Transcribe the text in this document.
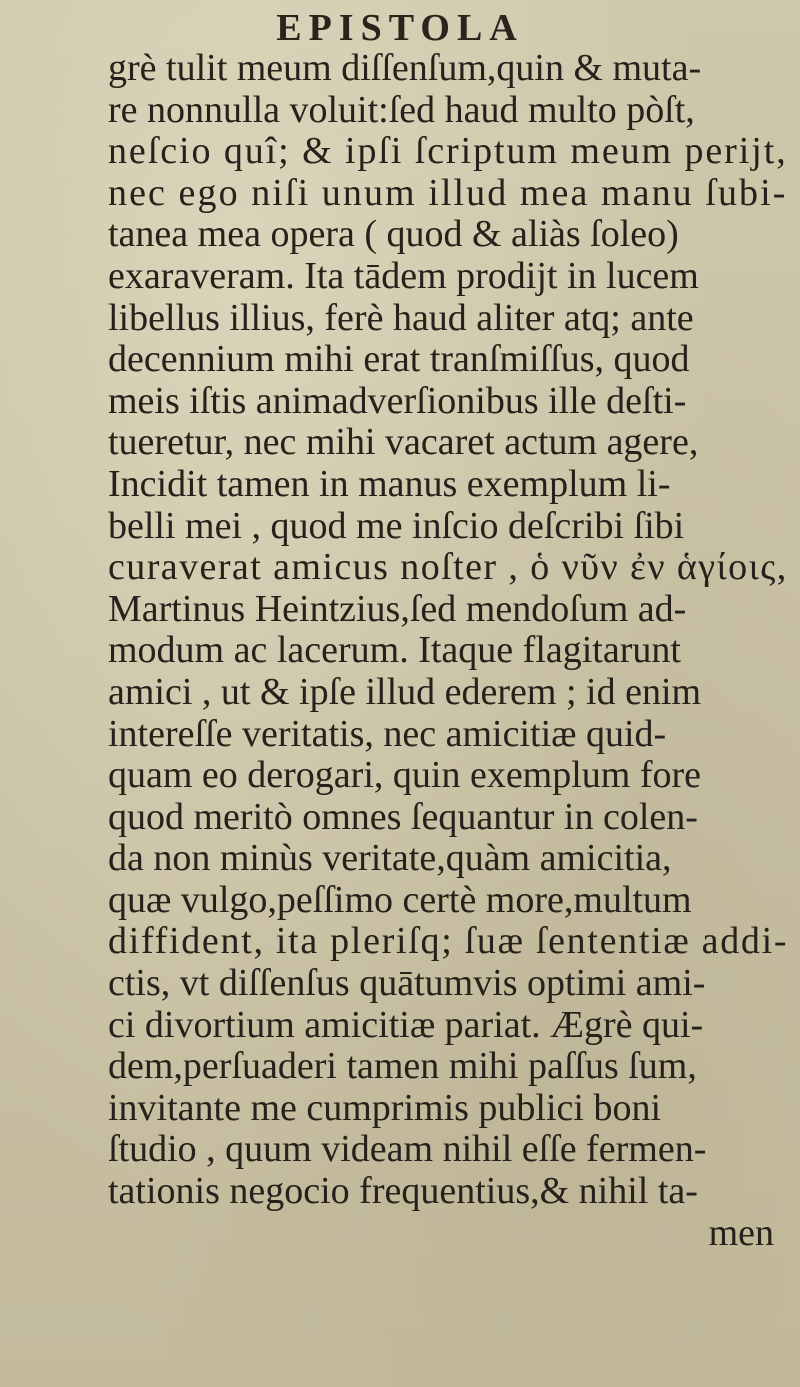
EPISTOLA
grè tulit meum diſſenſum,quin & muta-
re nonnulla voluit:ſed haud multo pòſt,
neſcio quî; & ipſi ſcriptum meum perijt,
nec ego niſi unum illud mea manu ſubi-
tanea mea opera ( quod & aliàs ſoleo)
exaraveram. Ita tādem prodijt in lucem
libellus illius, ferè haud aliter atq; ante
decennium mihi erat tranſmiſſus, quod
meis iſtis animadverſionibus ille deſti-
tueretur, nec mihi vacaret actum agere,
Incidit tamen in manus exemplum li-
belli mei , quod me inſcio deſcribi ſibi
curaverat amicus noſter , ὁ νῦν ἐν ἁγίοις,
Martinus Heintzius,ſed mendoſum ad-
modum ac lacerum. Itaque flagitarunt
amici , ut & ipſe illud ederem ; id enim
intereſſe veritatis, nec amicitiæ quid-
quam eo derogari, quin exemplum fore
quod meritò omnes ſequantur in colen-
da non minùs veritate,quàm amicitia,
quæ vulgo,peſſimo certè more,multum
diffident, ita pleriſq; ſuæ ſententiæ addi-
ctis, vt diſſenſus quātumvis optimi ami-
ci divortium amicitiæ pariat. Ægrè qui-
dem,perſuaderi tamen mihi paſſus ſum,
invitante me cumprimis publici boni
ſtudio , quum videam nihil eſſe fermen-
tationis negocio frequentius,& nihil ta-
men
